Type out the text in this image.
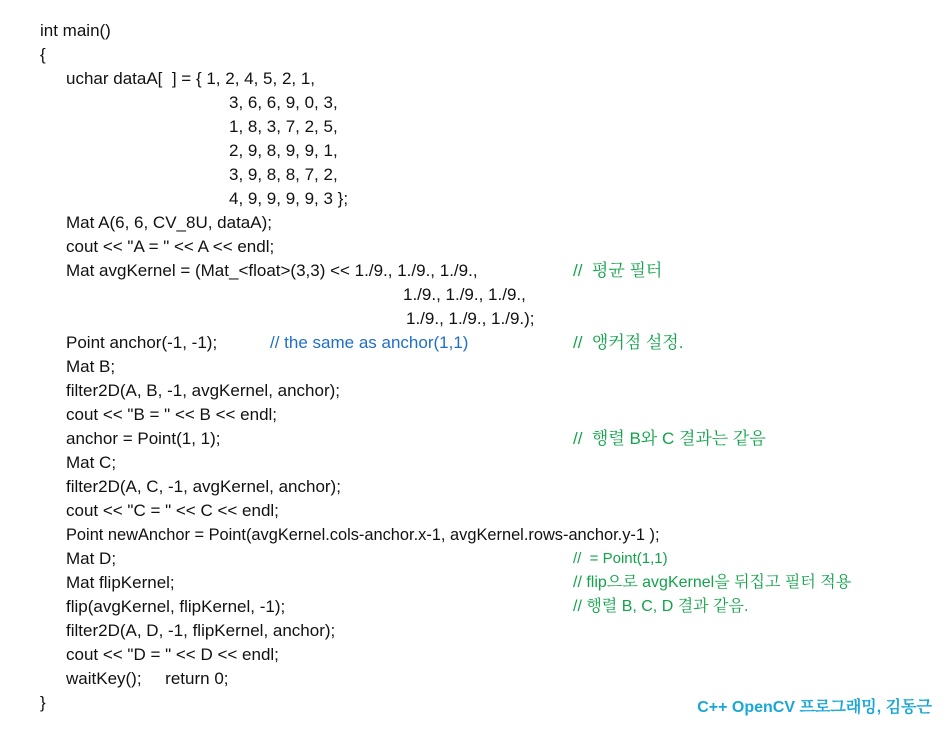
int main()
{
uchar dataA[  ] = { 1, 2, 4, 5, 2, 1,
3, 6, 6, 9, 0, 3,
1, 8, 3, 7, 2, 5,
2, 9, 8, 9, 9, 1,
3, 9, 8, 8, 7, 2,
4, 9, 9, 9, 9, 3 };
Mat A(6, 6, CV_8U, dataA);
cout << "A = " << A << endl;
Mat avgKernel = (Mat_<float>(3,3) << 1./9., 1./9., 1./9.,
1./9., 1./9., 1./9.,
1./9., 1./9., 1./9.);
Point anchor(-1, -1);
Mat B;
filter2D(A, B, -1, avgKernel, anchor);
cout << "B = " << B << endl;
anchor = Point(1, 1);
Mat C;
filter2D(A, C, -1, avgKernel, anchor);
cout << "C = " << C << endl;
Point newAnchor = Point(avgKernel.cols-anchor.x-1, avgKernel.rows-anchor.y-1 );
Mat D;
Mat flipKernel;
flip(avgKernel, flipKernel, -1);
filter2D(A, D, -1, flipKernel, anchor);
cout << "D = " << D << endl;
waitKey();     return 0;
}
//  평균 필터
// the same as anchor(1,1)	//  앵커점 설정.
//  행렬 B와 C 결과는 같음
//  = Point(1,1)
// flip으로 avgKernel을 뒤집고 필터 적용
// 행렬 B, C, D 결과 같음.
C++ OpenCV 프로그래밍, 김동근
